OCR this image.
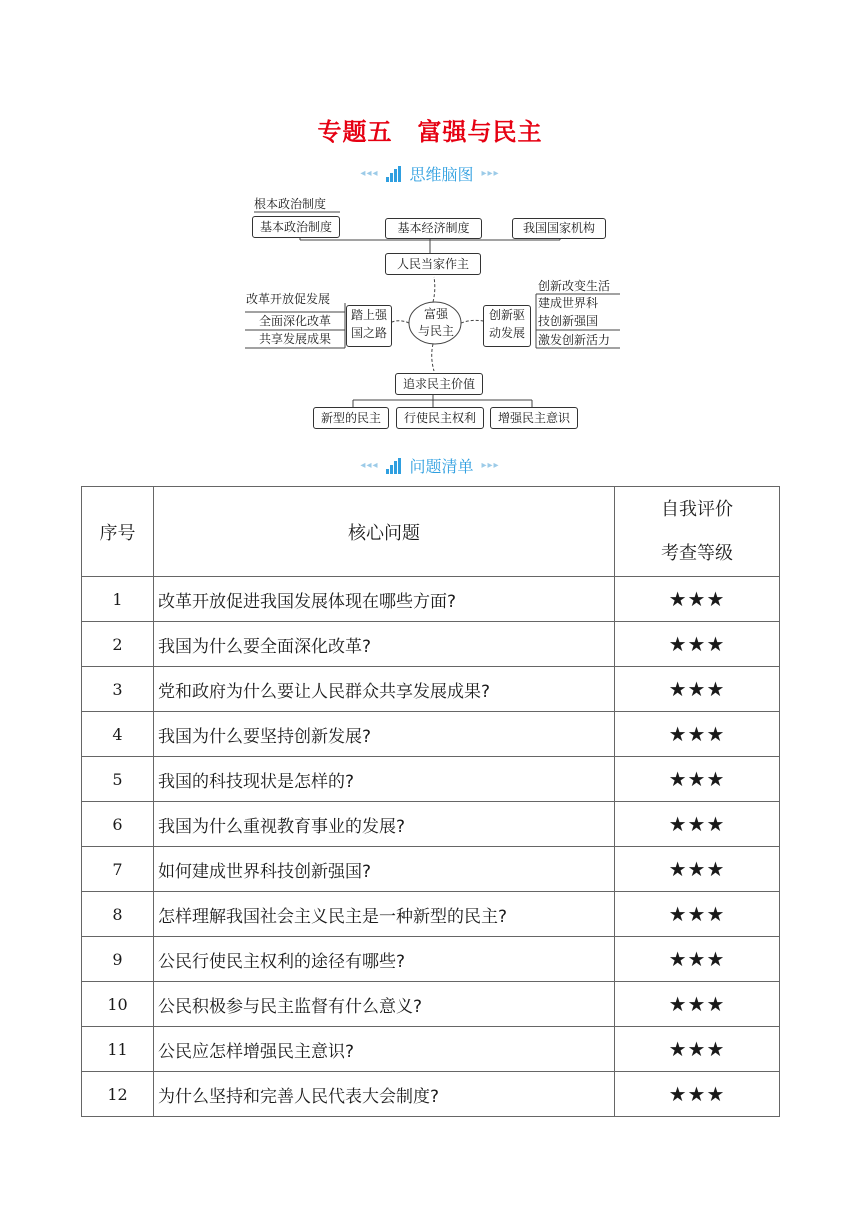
专题五　富强与民主
◂◂◂ 思维脑图 ▸▸▸
根本政治制度
基本政治制度	基本经济制度	我国国家机构
人民当家作主
改革开放促发展
全面深化改革
共享发展成果
踏上强
国之路
富强
与民主
创新驱
动发展
创新改变生活
建成世界科
技创新强国
激发创新活力
追求民主价值
新型的民主	行使民主权利	增强民主意识
◂◂◂ 问题清单 ▸▸▸
序号	核心问题	自我评价
考查等级

1	改革开放促进我国发展体现在哪些方面?	★★★
2	我国为什么要全面深化改革?	★★★
3	党和政府为什么要让人民群众共享发展成果?	★★★
4	我国为什么要坚持创新发展?	★★★
5	我国的科技现状是怎样的?	★★★
6	我国为什么重视教育事业的发展?	★★★
7	如何建成世界科技创新强国?	★★★
8	怎样理解我国社会主义民主是一种新型的民主?	★★★
9	公民行使民主权利的途径有哪些?	★★★
10	公民积极参与民主监督有什么意义?	★★★
11	公民应怎样增强民主意识?	★★★
12	为什么坚持和完善人民代表大会制度?	★★★
